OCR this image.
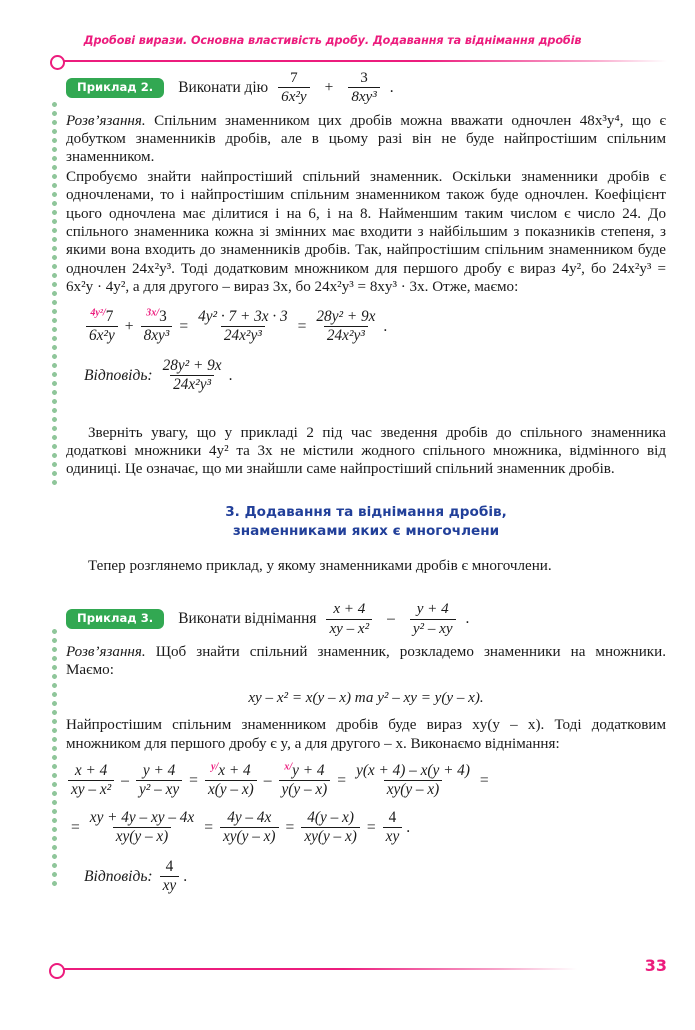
Дробові вирази. Основна властивість дробу. Додавання та віднімання дробів
Приклад 2.	Виконати дію $\frac{7}{\text{6x²y}} + \frac{3}{\text{8xy³}}$ .

Розв’язання. Спільним знаменником цих дробів можна вважати одночлен 48x³y⁴, що є добутком знаменників дробів, але в цьому разі він не буде найпростішим спільним знаменником.

Спробуємо знайти найпростіший спільний знаменник. Оскільки знаменники дробів є одночленами, то і найпростішим спільним знаменником також буде одночлен. Коефіцієнт цього одночлена має ділитися і на 6, і на 8. Найменшим таким числом є число 24. До спільного знаменника кожна зі змінних має входити з найбільшим з показників степеня, з якими вона входить до знаменників дробів. Так, найпростішим спільним знаменником буде одночлен 24x²y³. Тоді додатковим множником для першого дробу є вираз 4y², бо 24x²y³ = 6x²y · 4y², а для другого – вираз 3x, бо 24x²y³ = 8xy³ · 3x. Отже, маємо:

$\frac{^{4y^2/}7}{\text{6x²y}} + \frac{^{3x/}3}{\text{8xy³}} = \frac{\text{4y² · 7 + 3x · 3}}{\text{24x²y³}} = \frac{\text{28y² + 9x}}{\text{24x²y³}}$ .
Відповідь: $\frac{\text{28y² + 9x}}{\text{24x²y³}}$ .

Зверніть увагу, що у прикладі 2 під час зведення дробів до спільного знаменника додаткові множники 4y² та 3x не містили жодного спільного множника, відмінного від одиниці. Це означає, що ми знайшли саме найпростіший спільний знаменник дробів.

3. Додавання та віднімання дробів,

знаменниками яких є многочлени

Тепер розглянемо приклад, у якому знаменниками дробів є многочлени.

Приклад 3.	Виконати віднімання $\frac{x + 4}{\text{xy – x²}} - \frac{y + 4}{\text{y² – xy}}$ .

Розв’язання. Щоб знайти спільний знаменник, розкладемо знаменники на множники. Маємо:

xy – x² = x(y – x) та y² – xy = y(y – x).

Найпростішим спільним знаменником дробів буде вираз xy(y – x). Тоді додатковим множником для першого дробу є y, а для другого – x. Виконаємо віднімання:

$\frac{x + 4}{\text{xy – x²}} - \frac{y + 4}{\text{y² – xy}} = \frac{^{y/}x + 4}{x(y - x)} - \frac{^{x/}y + 4}{y(y - x)} = \frac{y(x + 4) - x(y + 4)}{xy(y - x)}$ =
= $\frac{xy + 4y - xy - 4x}{xy(y - x)} = \frac{4y - 4x}{xy(y - x)} = \frac{4(y - x)}{xy(y - x)} = \frac{4}{xy}$ .
Відповідь: $\frac{4}{xy}$ .
33
